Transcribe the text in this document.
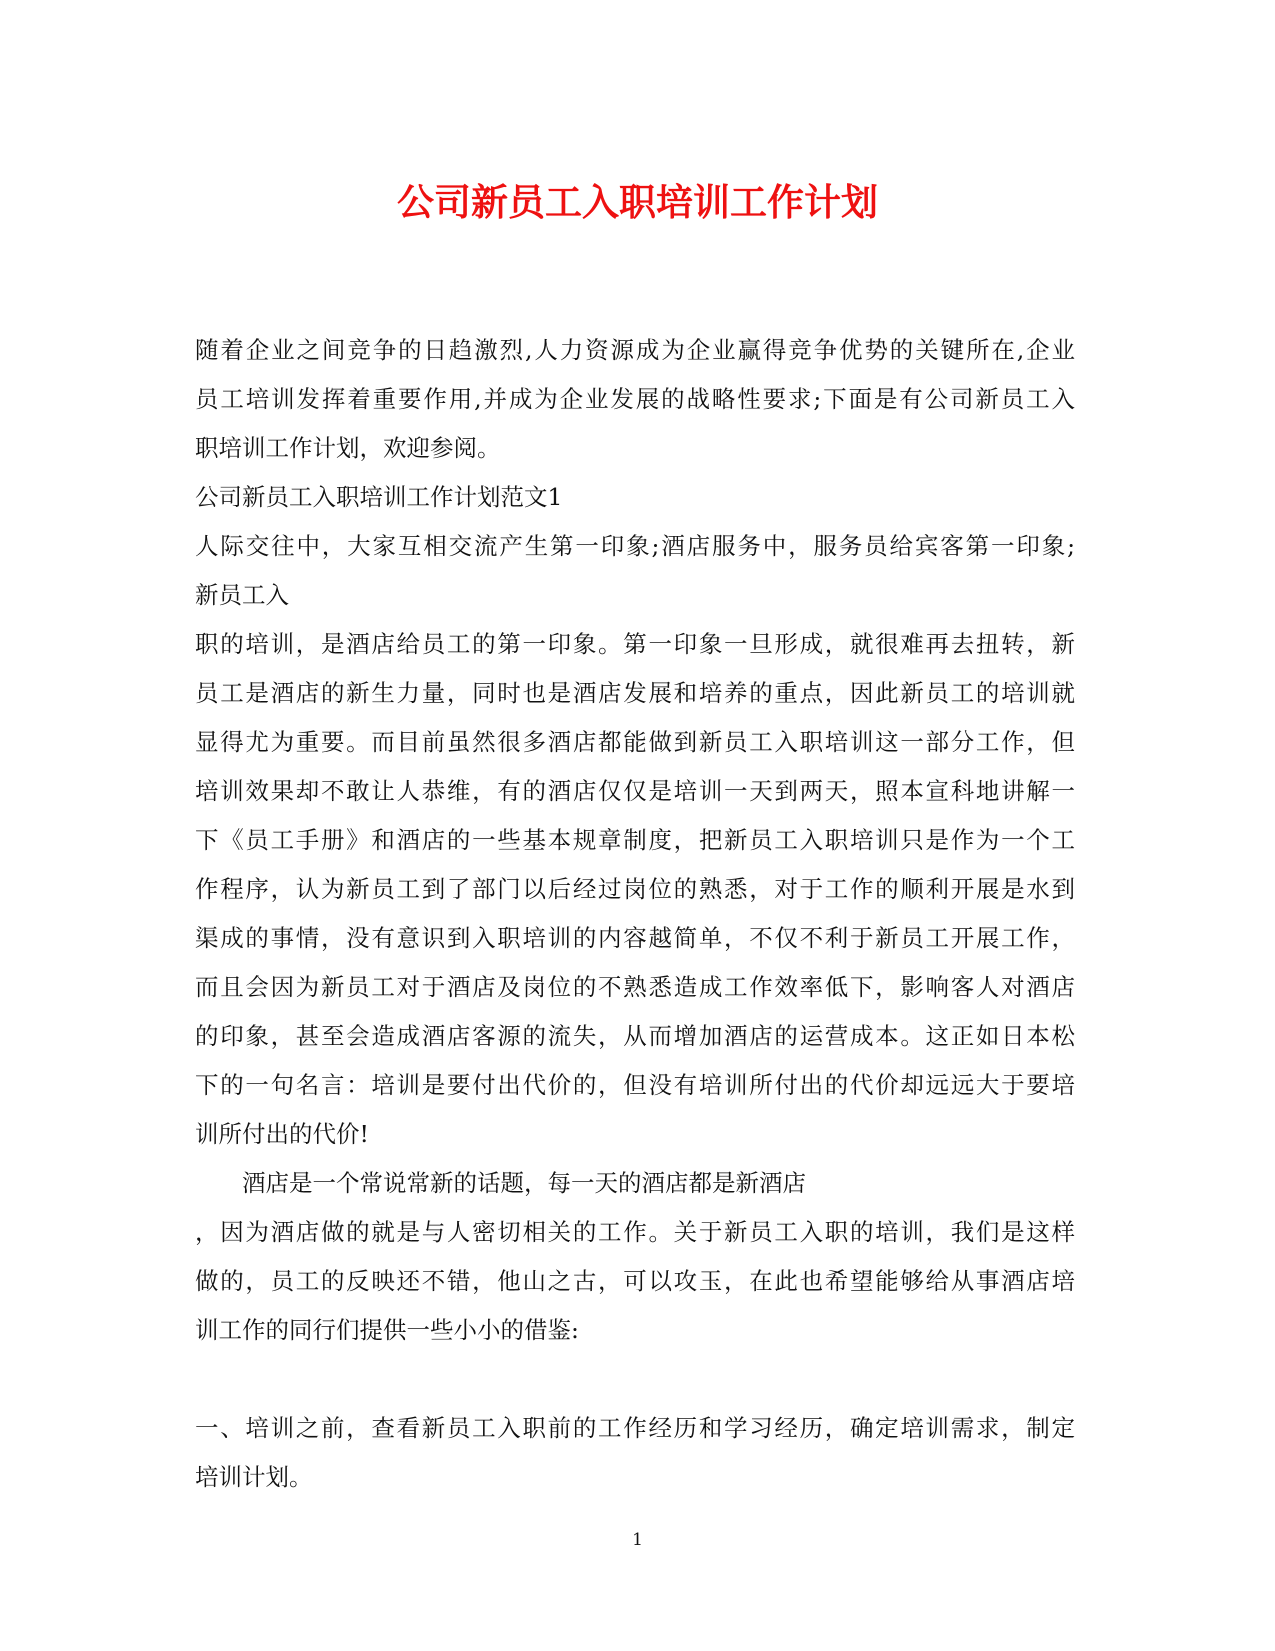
公司新员工入职培训工作计划
随着企业之间竞争的日趋激烈,人力资源成为企业赢得竞争优势的关键所在,企业
员工培训发挥着重要作用,并成为企业发展的战略性要求;下面是有公司新员工入
职培训工作计划，欢迎参阅。
公司新员工入职培训工作计划范文1
人际交往中，大家互相交流产生第一印象;酒店服务中，服务员给宾客第一印象;
新员工入
职的培训，是酒店给员工的第一印象。第一印象一旦形成，就很难再去扭转，新
员工是酒店的新生力量，同时也是酒店发展和培养的重点，因此新员工的培训就
显得尤为重要。而目前虽然很多酒店都能做到新员工入职培训这一部分工作，但
培训效果却不敢让人恭维，有的酒店仅仅是培训一天到两天，照本宣科地讲解一
下《员工手册》和酒店的一些基本规章制度，把新员工入职培训只是作为一个工
作程序，认为新员工到了部门以后经过岗位的熟悉，对于工作的顺利开展是水到
渠成的事情，没有意识到入职培训的内容越简单，不仅不利于新员工开展工作，
而且会因为新员工对于酒店及岗位的不熟悉造成工作效率低下，影响客人对酒店
的印象，甚至会造成酒店客源的流失，从而增加酒店的运营成本。这正如日本松
下的一句名言：培训是要付出代价的，但没有培训所付出的代价却远远大于要培
训所付出的代价!
酒店是一个常说常新的话题，每一天的酒店都是新酒店
，因为酒店做的就是与人密切相关的工作。关于新员工入职的培训，我们是这样
做的，员工的反映还不错，他山之古，可以攻玉，在此也希望能够给从事酒店培
训工作的同行们提供一些小小的借鉴:
一、培训之前，查看新员工入职前的工作经历和学习经历，确定培训需求，制定
培训计划。
1
